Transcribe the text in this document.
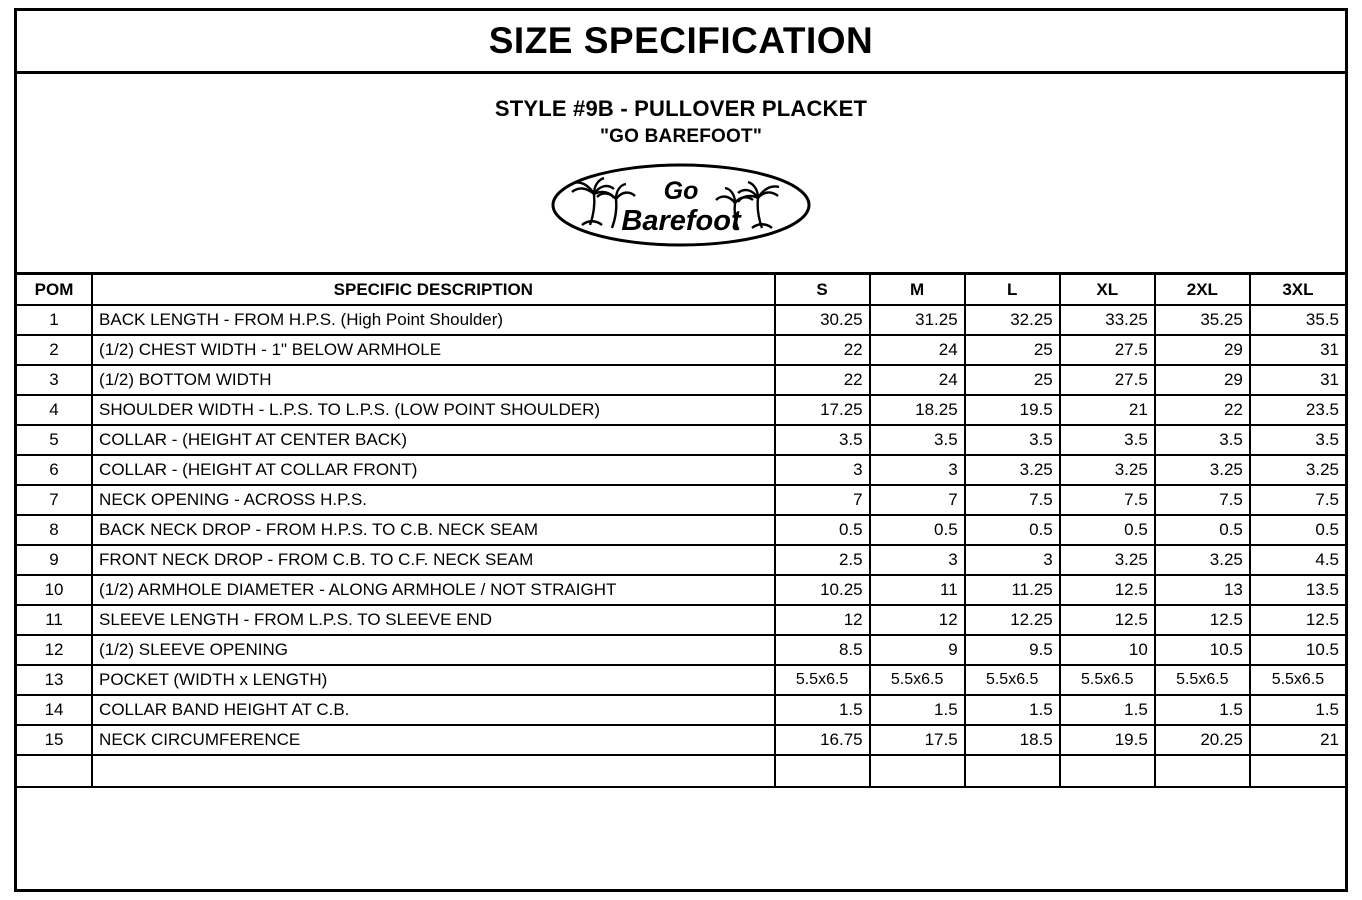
SIZE SPECIFICATION
STYLE #9B - PULLOVER PLACKET
"GO BAREFOOT"
Go
Barefoot
POM	SPECIFIC DESCRIPTION	S	M	L	XL	2XL	3XL
1	BACK LENGTH - FROM H.P.S. (High Point Shoulder)	30.25	31.25	32.25	33.25	35.25	35.5
2	(1/2) CHEST WIDTH - 1" BELOW ARMHOLE	22	24	25	27.5	29	31
3	(1/2) BOTTOM WIDTH	22	24	25	27.5	29	31
4	SHOULDER WIDTH - L.P.S. TO L.P.S. (LOW POINT SHOULDER)	17.25	18.25	19.5	21	22	23.5
5	COLLAR - (HEIGHT AT CENTER BACK)	3.5	3.5	3.5	3.5	3.5	3.5
6	COLLAR - (HEIGHT AT COLLAR FRONT)	3	3	3.25	3.25	3.25	3.25
7	NECK OPENING - ACROSS H.P.S.	7	7	7.5	7.5	7.5	7.5
8	BACK NECK DROP - FROM H.P.S. TO C.B. NECK SEAM	0.5	0.5	0.5	0.5	0.5	0.5
9	FRONT NECK DROP - FROM C.B. TO C.F. NECK SEAM	2.5	3	3	3.25	3.25	4.5
10	(1/2) ARMHOLE DIAMETER - ALONG ARMHOLE / NOT STRAIGHT	10.25	11	11.25	12.5	13	13.5
11	SLEEVE LENGTH - FROM L.P.S. TO SLEEVE END	12	12	12.25	12.5	12.5	12.5
12	(1/2) SLEEVE OPENING	8.5	9	9.5	10	10.5	10.5
13	POCKET (WIDTH x LENGTH)	5.5x6.5	5.5x6.5	5.5x6.5	5.5x6.5	5.5x6.5	5.5x6.5
14	COLLAR BAND HEIGHT AT C.B.	1.5	1.5	1.5	1.5	1.5	1.5
15	NECK CIRCUMFERENCE	16.75	17.5	18.5	19.5	20.25	21
